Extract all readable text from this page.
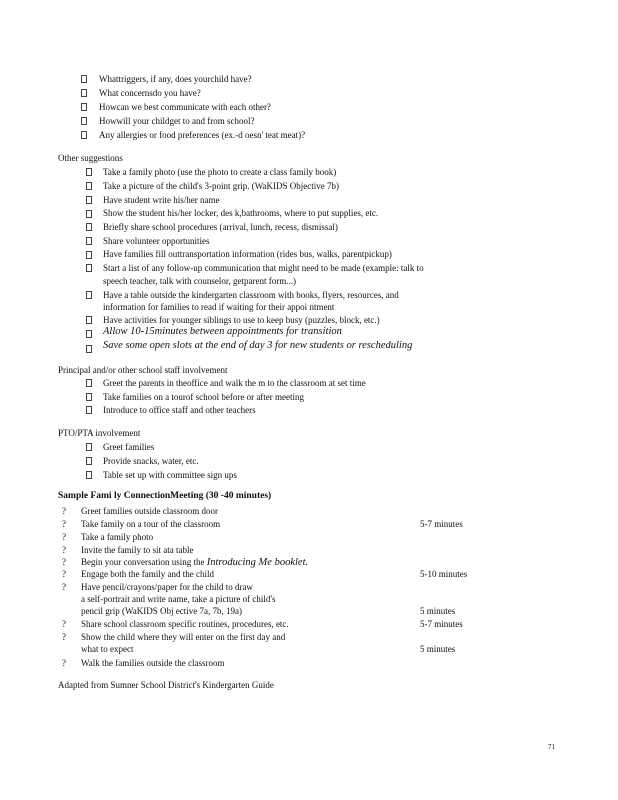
Whattriggers, if any, does yourchild have?
What concernsdo you have?
Howcan we best communicate with each other?
Howwill your childget to and from school?
Any allergies or food preferences (ex.-d oesn' teat meat)?
Other suggestions
Take a family photo (use the photo to create a class family book)
Take a picture of the child's 3-point grip. (WaKIDS Objective 7b)
Have student write his/her name
Show the student his/her locker, des k,bathrooms, where to put supplies, etc.
Briefly share school procedures (arrival, lunch, recess, dismissal)
Share volunteer opportunities
Have families fill outtransportation information (rides bus, walks, parentpickup)
Start a list of any follow-up communication that might need to be made (example: talk to
speech teacher, talk with counselor, getparent form...)
Have a table outside the kindergarten classroom with books, flyers, resources, and
information for families to read if waiting for their appoi ntment
Have activities for younger siblings to use to keep busy (puzzles, block, etc.)
Allow 10-15minutes between appointments for transition
Save some open slots at the end of day 3 for new students or rescheduling
Principal and/or other school staff involvement
Greet the parents in theoffice and walk the m to the classroom at set time
Take families on a tourof school before or after meeting
Introduce to office staff and other teachers
PTO/PTA involvement
Greet families
Provide snacks, water, etc.
Table set up with committee sign ups
Sample Fami ly ConnectionMeeting (30 -40 minutes)
? Greet families outside classroom door
? Take family on a tour of the classroom	5-7 minutes
? Take a family photo
? Invite the family to sit ata table
? Begin your conversation using the Introducing Me booklet.
? Engage both the family and the child	5-10 minutes
? Have pencil/crayons/paper for the child to draw
a self-portrait and write name, take a picture of child's
pencil grip (WaKIDS Obj ective 7a, 7b, 19a)	5 minutes
? Share school classroom specific routines, procedures, etc.	5-7 minutes
? Show the child where they will enter on the first day and
what to expect	5 minutes
? Walk the families outside the classroom
Adapted from Sumner School District's Kindergarten Guide
71
